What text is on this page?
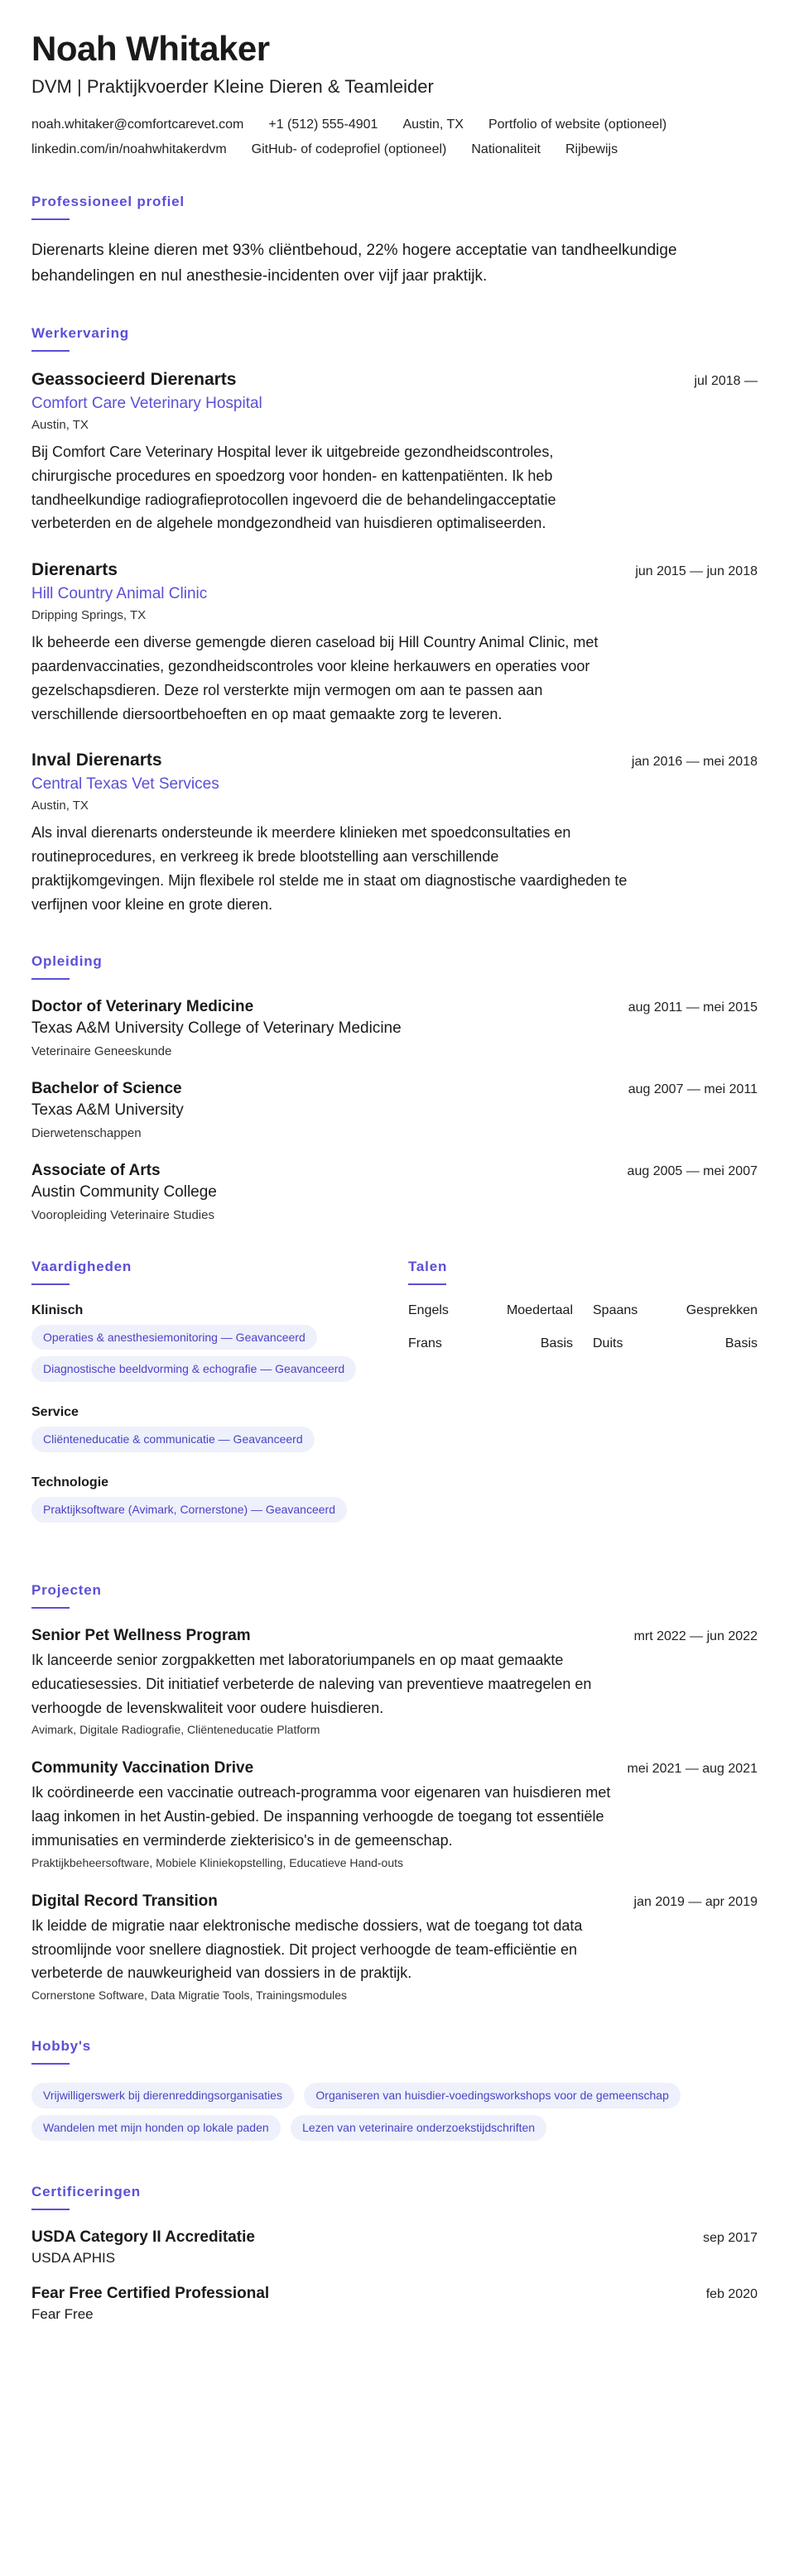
Noah Whitaker
DVM | Praktijkvoerder Kleine Dieren & Teamleider
noah.whitaker@comfortcarevet.com +1 (512) 555-4901 Austin, TX Portfolio of website (optioneel)
linkedin.com/in/noahwhitakerdvm GitHub- of codeprofiel (optioneel) Nationaliteit Rijbewijs
Professioneel profiel

Dierenarts kleine dieren met 93% cliëntbehoud, 22% hogere acceptatie van tandheelkundige behandelingen en nul anesthesie-incidenten over vijf jaar praktijk.

Werkervaring
Geassocieerd Dierenarts	jul 2018 —
Comfort Care Veterinary Hospital
Austin, TX
Bij Comfort Care Veterinary Hospital lever ik uitgebreide gezondheidscontroles, chirurgische procedures en spoedzorg voor honden- en kattenpatiënten. Ik heb tandheelkundige radiografieprotocollen ingevoerd die de behandelingacceptatie verbeterden en de algehele mondgezondheid van huisdieren optimaliseerden.
Dierenarts	jun 2015 — jun 2018
Hill Country Animal Clinic
Dripping Springs, TX
Ik beheerde een diverse gemengde dieren caseload bij Hill Country Animal Clinic, met paardenvaccinaties, gezondheidscontroles voor kleine herkauwers en operaties voor gezelschapsdieren. Deze rol versterkte mijn vermogen om aan te passen aan verschillende diersoortbehoeften en op maat gemaakte zorg te leveren.
Inval Dierenarts	jan 2016 — mei 2018
Central Texas Vet Services
Austin, TX
Als inval dierenarts ondersteunde ik meerdere klinieken met spoedconsultaties en routineprocedures, en verkreeg ik brede blootstelling aan verschillende praktijkomgevingen. Mijn flexibele rol stelde me in staat om diagnostische vaardigheden te verfijnen voor kleine en grote dieren.
Opleiding
Doctor of Veterinary Medicine	aug 2011 — mei 2015
Texas A&M University College of Veterinary Medicine
Veterinaire Geneeskunde
Bachelor of Science	aug 2007 — mei 2011
Texas A&M University
Dierwetenschappen
Associate of Arts	aug 2005 — mei 2007
Austin Community College
Vooropleiding Veterinaire Studies
Vaardigheden
Klinisch
Operaties & anesthesiemonitoring — Geavanceerd Diagnostische beeldvorming & echografie — Geavanceerd
Service
Cliënteneducatie & communicatie — Geavanceerd
Technologie
Praktijksoftware (Avimark, Cornerstone) — Geavanceerd
Talen
Engels	Moedertaal Spaans	Gesprekken
Frans	Basis Duits	Basis
Projecten
Senior Pet Wellness Program	mrt 2022 — jun 2022
Ik lanceerde senior zorgpakketten met laboratoriumpanels en op maat gemaakte educatiesessies. Dit initiatief verbeterde de naleving van preventieve maatregelen en verhoogde de levenskwaliteit voor oudere huisdieren.
Avimark, Digitale Radiografie, Cliënteneducatie Platform
Community Vaccination Drive	mei 2021 — aug 2021
Ik coördineerde een vaccinatie outreach-programma voor eigenaren van huisdieren met laag inkomen in het Austin-gebied. De inspanning verhoogde de toegang tot essentiële immunisaties en verminderde ziekterisico's in de gemeenschap.
Praktijkbeheersoftware, Mobiele Kliniekopstelling, Educatieve Hand-outs
Digital Record Transition	jan 2019 — apr 2019
Ik leidde de migratie naar elektronische medische dossiers, wat de toegang tot data stroomlijnde voor snellere diagnostiek. Dit project verhoogde de team-efficiëntie en verbeterde de nauwkeurigheid van dossiers in de praktijk.
Cornerstone Software, Data Migratie Tools, Trainingsmodules
Hobby's
Vrijwilligerswerk bij dierenreddingsorganisaties	Organiseren van huisdier-voedingsworkshops voor de gemeenschap Wandelen met mijn honden op lokale paden	Lezen van veterinaire onderzoekstijdschriften
Certificeringen
USDA Category II Accreditatie	sep 2017
USDA APHIS
Fear Free Certified Professional	feb 2020
Fear Free
